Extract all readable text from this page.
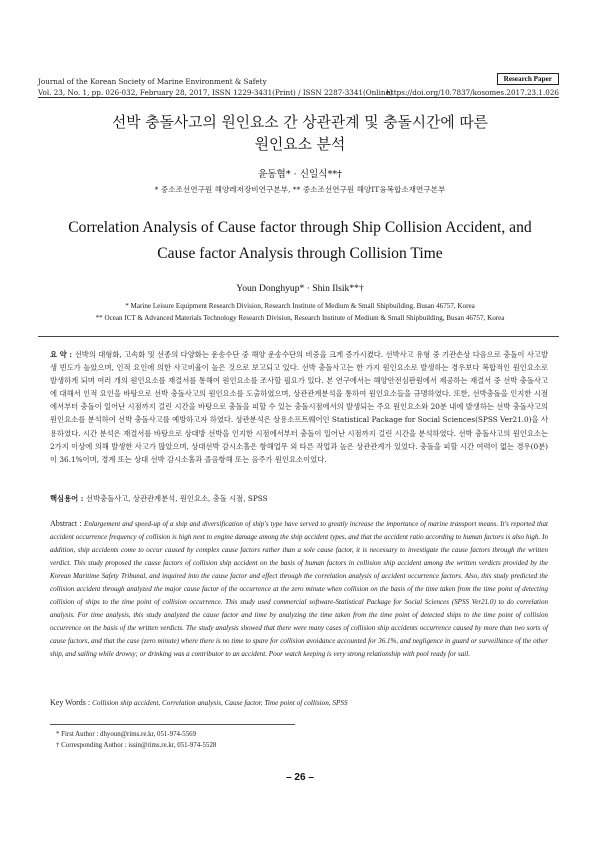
Journal of the Korean Society of Marine Environment & Safety	Research Paper
Vol. 23, No. 1, pp. 026-032, February 28, 2017, ISSN 1229-3431(Print) / ISSN 2287-3341(Online)
https://doi.org/10.7837/kosomes.2017.23.1.026
선박 충돌사고의 원인요소 간 상관관계 및 충돌시간에 따른
원인요소 분석
윤동협* · 신일식**†
* 중소조선연구원 해양레저장비연구본부, ** 중소조선연구원 해양IT융복합소재연구본부
Correlation Analysis of Cause factor through Ship Collision Accident, and
Cause factor Analysis through Collision Time
Youn Donghyup* · Shin Ilsik**†
* Marine Leisure Equipment Research Division, Research Institute of Medium & Small Shipbuilding, Busan 46757, Korea
** Ocean ICT & Advanced Materials Technology Research Division, Research Institute of Medium & Small Shipbuilding, Busan 46757, Korea
요 약 : 선박의 대형화, 고속화 및 선종의 다양화는 운송수단 중 해양 운송수단의 비중을 크게 증가시켰다. 선박사고 유형 중 기관손상 다음으로 충돌이 사고발생 빈도가 높았으며, 인적 요인에 의한 사고비율이 높은 것으로 보고되고 있다. 선박 충돌사고는 한 가지 원인요소로 발생하는 경우보다 복합적인 원인요소로 발생하게 되며 여러 개의 원인요소를 재결서를 통해여 원인요소를 조사할 필요가 있다. 본 연구에서는 해양안전심판원에서 제공하는 재결서 중 선박 충돌사고에 대해서 인적 요인을 바탕으로 선박 충돌사고의 원인요소를 도출하였으며, 상관관계분석을 통하여 원인요소들을 규명하였다. 또한, 선박충돌을 인지한 시점에서부터 충돌이 일어난 시점까지 걸린 시간을 바탕으로 충돌을 피할 수 있는 충돌시점에서의 발생되는 주요 원인요소와 20분 내에 발생하는 선박 충돌사고의 원인요소를 분석하여 선박 충돌사고를 예방하고자 하였다. 상관분석은 상용소프트웨어인 Statistical Package for Social Sciences(SPSS Ver21.0)을 사용하였다. 시간 분석은 재결서를 바탕으로 상대방 선박을 인지한 시점에서부터 충돌이 일어난 시점까지 걸린 시간을 분석하였다. 선박 충돌사고의 원인요소는 2가지 이상에 의해 발생한 사고가 많았으며, 상대선박 감시소홀은 항해업무 외 타른 작업과 높은 상관관계가 있었다. 충돌을 피할 시간 여력이 없는 경우(0분)이 36.1%이며, 경계 또는 상대 선박 감시소홀과 졸음항해 또는 음주가 원인요소이었다.
핵심용어 : 선박충돌사고, 상관관계분석, 원인요소, 충돌 시점, SPSS
Abstract : Enlargement and speed-up of a ship and diversification of ship's type have served to greatly increase the importance of marine transport means. It's reported that accident occurrence frequency of collision is high next to engine damage among the ship accident types, and that the accident ratio according to human factors is also high. In addition, ship accidents come to occur caused by complex cause factors rather than a sole cause factor, it is necessary to investigate the cause factors through the written verdict. This study proposed the cause factors of collision ship accident on the basis of human factors in collision ship accident among the written verdicts provided by the Korean Maritime Safety Tribunal, and inquired into the cause factor and effect through the correlation analysis of accident occurrence factors. Also, this study predicted the collision accident through analyzed the major cause factor of the occurrence at the zero minute when collision on the basis of the time taken from the time point of detecting collision of ships to the time point of collision occurrence. This study used commercial software-Statistical Package for Social Sciences (SPSS Ver21.0) to do correlation analysis. For time analysis, this study analyzed the cause factor and time by analyzing the time taken from the time point of detected ships to the time point of collision occurrence on the basis of the written verdicts. The study analysis showed that there were many cases of collision ship accidents occurrence caused by more than two sorts of cause factors, and that the case (zero minute) where there is no time to spare for collision avoidance accounted for 36.1%, and negligence in guard or surveillance of the other ship, and sailing while drowsy; or drinking was a contributor to an accident. Poor watch keeping is very strong relationship with pool ready for sail.
Key Words : Collision ship accident, Correlation analysis, Cause factor, Time point of collision, SPSS
* First Author : dhyoun@rims.re.kr, 051-974-5569
† Corresponding Author : issin@rims.re.kr, 051-974-5528
– 26 –
